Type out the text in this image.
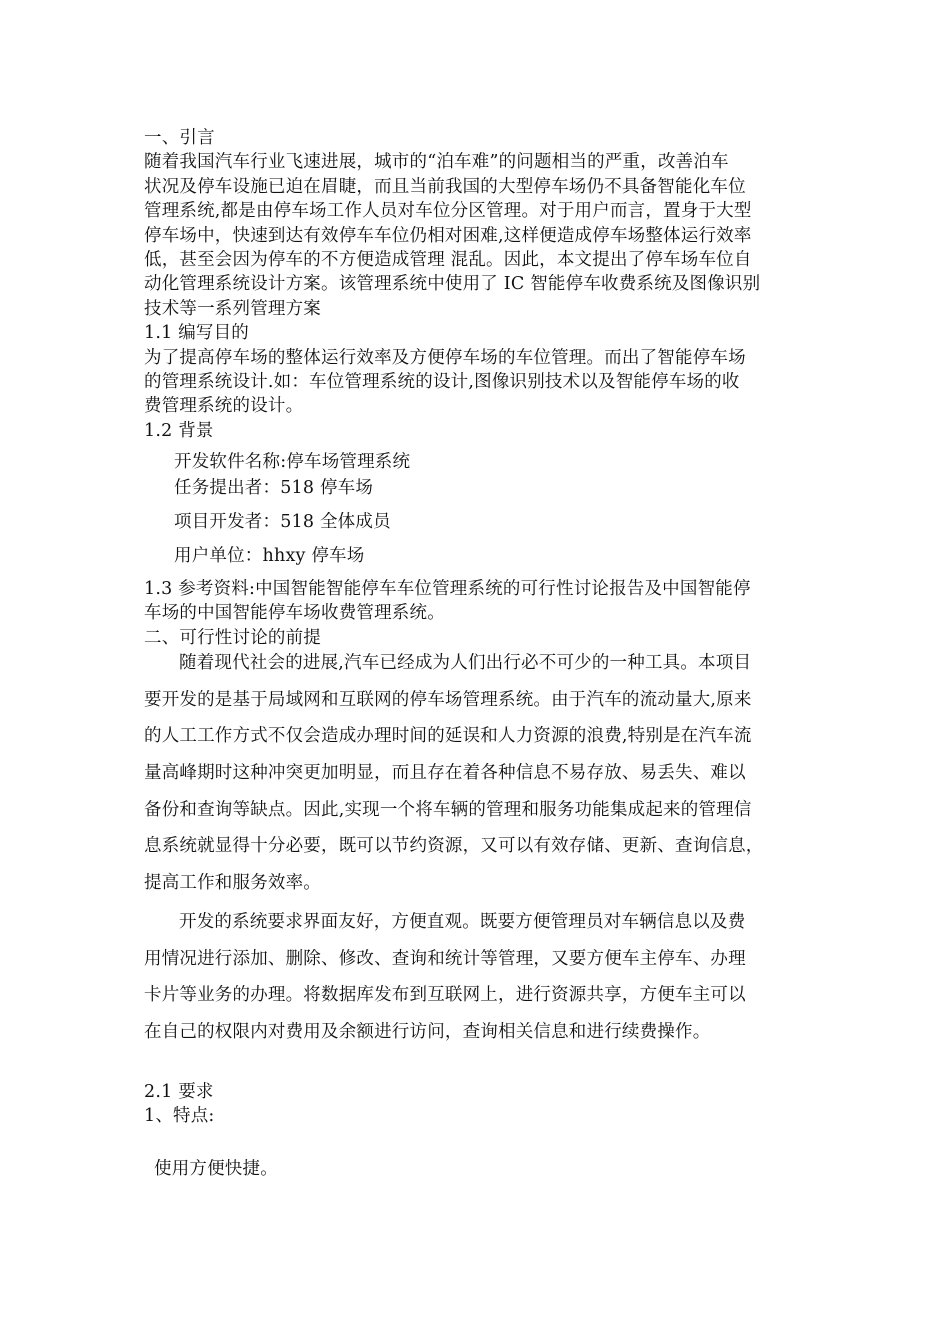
一、引言
随着我国汽车行业飞速进展，城市的“泊车难”的问题相当的严重，改善泊车
状况及停车设施已迫在眉睫，而且当前我国的大型停车场仍不具备智能化车位
管理系统,都是由停车场工作人员对车位分区管理。对于用户而言，置身于大型
停车场中，快速到达有效停车车位仍相对困难,这样便造成停车场整体运行效率
低，甚至会因为停车的不方便造成管理 混乱。因此，本文提出了停车场车位自
动化管理系统设计方案。该管理系统中使用了 IC 智能停车收费系统及图像识别
技术等一系列管理方案
1.1 编写目的
为了提高停车场的整体运行效率及方便停车场的车位管理。而出了智能停车场
的管理系统设计.如：车位管理系统的设计,图像识别技术以及智能停车场的收
费管理系统的设计。
1.2 背景
开发软件名称:停车场管理系统
任务提出者：518 停车场
项目开发者：518 全体成员
用户单位：hhxy 停车场
1.3 参考资料:中国智能智能停车车位管理系统的可行性讨论报告及中国智能停
车场的中国智能停车场收费管理系统。
二、可行性讨论的前提
随着现代社会的进展,汽车已经成为人们出行必不可少的一种工具。本项目
要开发的是基于局域网和互联网的停车场管理系统。由于汽车的流动量大,原来
的人工工作方式不仅会造成办理时间的延误和人力资源的浪费,特别是在汽车流
量高峰期时这种冲突更加明显，而且存在着各种信息不易存放、易丢失、难以
备份和查询等缺点。因此,实现一个将车辆的管理和服务功能集成起来的管理信
息系统就显得十分必要，既可以节约资源，又可以有效存储、更新、查询信息，
提高工作和服务效率。
开发的系统要求界面友好，方便直观。既要方便管理员对车辆信息以及费
用情况进行添加、删除、修改、查询和统计等管理，又要方便车主停车、办理
卡片等业务的办理。将数据库发布到互联网上，进行资源共享，方便车主可以
在自己的权限内对费用及余额进行访问，查询相关信息和进行续费操作。
2.1 要求
1、特点:
使用方便快捷。
